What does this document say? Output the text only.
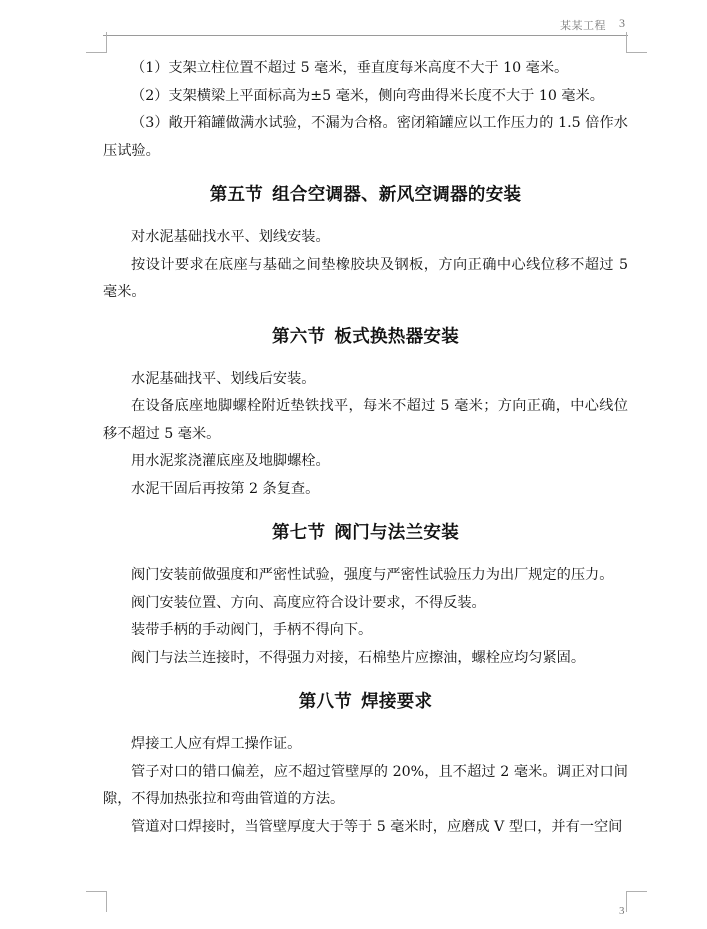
某某工程 3

（1）支架立柱位置不超过 5 毫米，垂直度每米高度不大于 10 毫米。

（2）支架横梁上平面标高为±5 毫米，侧向弯曲得米长度不大于 10 毫米。

（3）敞开箱罐做满水试验，不漏为合格。密闭箱罐应以工作压力的 1.5 倍作水压试验。

第五节 组合空调器、新风空调器的安装

对水泥基础找水平、划线安装。

按设计要求在底座与基础之间垫橡胶块及钢板，方向正确中心线位移不超过 5 毫米。

第六节 板式换热器安装

水泥基础找平、划线后安装。

在设备底座地脚螺栓附近垫铁找平，每米不超过 5 毫米；方向正确，中心线位移不超过 5 毫米。

用水泥浆浇灌底座及地脚螺栓。

水泥干固后再按第 2 条复查。

第七节 阀门与法兰安装

阀门安装前做强度和严密性试验，强度与严密性试验压力为出厂规定的压力。

阀门安装位置、方向、高度应符合设计要求，不得反装。

装带手柄的手动阀门，手柄不得向下。

阀门与法兰连接时，不得强力对接，石棉垫片应擦油，螺栓应均匀紧固。

第八节 焊接要求

焊接工人应有焊工操作证。

管子对口的错口偏差，应不超过管壁厚的 20%，且不超过 2 毫米。调正对口间隙，不得加热张拉和弯曲管道的方法。

管道对口焊接时，当管壁厚度大于等于 5 毫米时，应磨成 V 型口，并有一空间

3
